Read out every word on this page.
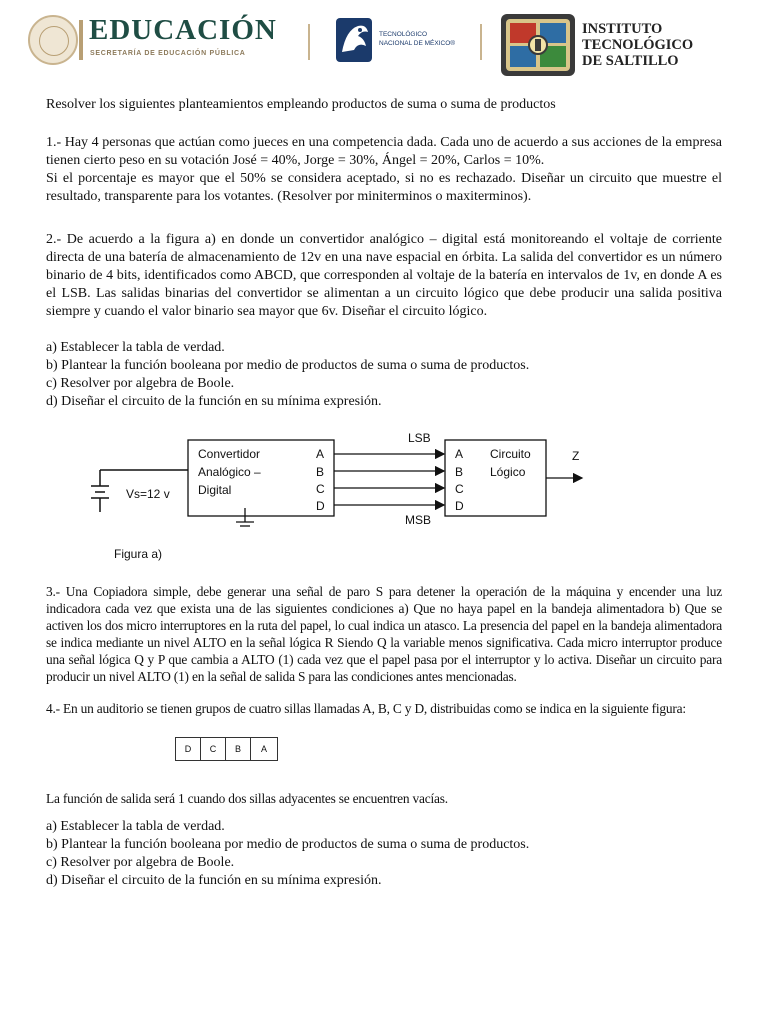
EDUCACIÓN
SECRETARÍA DE EDUCACIÓN PÚBLICA
TECNOLÓGICO
NACIONAL DE MÉXICO®
INSTITUTO
TECNOLÓGICO
DE SALTILLO

Resolver los siguientes planteamientos empleando productos de suma o suma de productos

1.- Hay 4 personas que actúan como jueces en una competencia dada. Cada uno de acuerdo a sus acciones de la empresa tienen cierto peso en su votación José = 40%, Jorge = 30%, Ángel = 20%, Carlos = 10%.

Si el porcentaje es mayor que el 50% se considera aceptado, si no es rechazado. Diseñar un circuito que muestre el resultado, transparente para los votantes. (Resolver por miniterminos o maxiterminos).

2.- De acuerdo a la figura a) en donde un convertidor analógico – digital está monitoreando el voltaje de corriente directa de una batería de almacenamiento de 12v en una nave espacial en órbita. La salida del convertidor es un número binario de 4 bits, identificados como ABCD, que corresponden al voltaje de la batería en intervalos de 1v, en donde A es el LSB. Las salidas binarias del convertidor se alimentan a un circuito lógico que debe producir una salida positiva siempre y cuando el valor binario sea mayor que 6v. Diseñar el circuito lógico.

a) Establecer la tabla de verdad.

b) Plantear la función booleana por medio de productos de suma o suma de productos.

c) Resolver por algebra de Boole.

d) Diseñar el circuito de la función en su mínima expresión.

3.- Una Copiadora simple, debe generar una señal de paro S para detener la operación de la máquina y encender una luz indicadora cada vez que exista una de las siguientes condiciones a) Que no haya papel en la bandeja alimentadora b) Que se activen los dos micro interruptores en la ruta del papel, lo cual indica un atasco. La presencia del papel en la bandeja alimentadora se indica mediante un nivel ALTO en la señal lógica R Siendo Q la variable menos significativa. Cada micro interruptor produce una señal lógica Q y P que cambia a ALTO (1) cada vez que el papel pasa por el interruptor y lo activa. Diseñar un circuito para producir un nivel ALTO (1) en la señal de salida S para las condiciones antes mencionadas.

4.- En un auditorio se tienen grupos de cuatro sillas llamadas A, B, C y D, distribuidas como se indica en la siguiente figura:

La función de salida será 1 cuando dos sillas adyacentes se encuentren vacías.

a) Establecer la tabla de verdad.

b) Plantear la función booleana por medio de productos de suma o suma de productos.

c) Resolver por algebra de Boole.

d) Diseñar el circuito de la función en su mínima expresión.

Convertidor
Analógico –
Digital
A
B
C
D
A
B
C
D
Circuito
Lógico
LSB
MSB
Z
Vs=12 v
Figura a)
D	C	B	A
